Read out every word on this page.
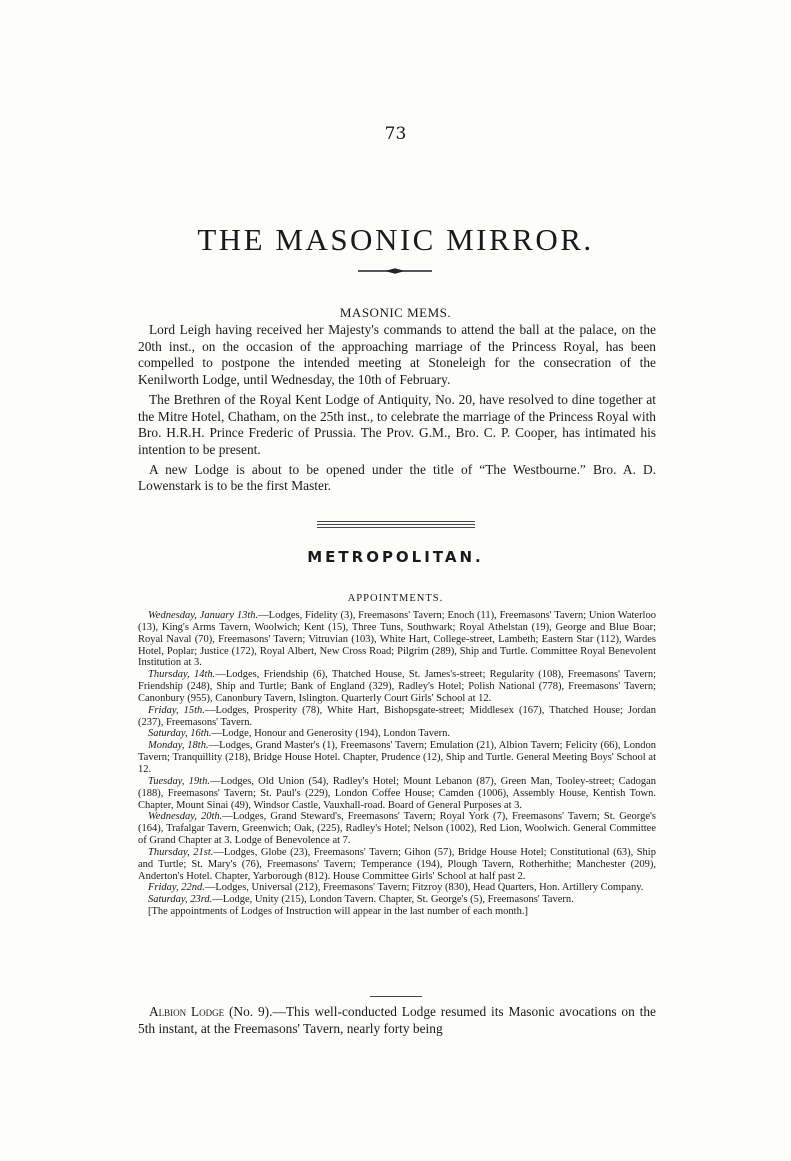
73
THE MASONIC MIRROR.
MASONIC MEMS.

Lord Leigh having received her Majesty's commands to attend the ball at the palace, on the 20th inst., on the occasion of the approaching marriage of the Princess Royal, has been compelled to postpone the intended meeting at Stoneleigh for the consecration of the Kenilworth Lodge, until Wednesday, the 10th of February.

The Brethren of the Royal Kent Lodge of Antiquity, No. 20, have resolved to dine together at the Mitre Hotel, Chatham, on the 25th inst., to celebrate the marriage of the Princess Royal with Bro. H.R.H. Prince Frederic of Prussia. The Prov. G.M., Bro. C. P. Cooper, has intimated his intention to be present.

A new Lodge is about to be opened under the title of “The Westbourne.” Bro. A. D. Lowenstark is to be the first Master.

METROPOLITAN.
APPOINTMENTS.

Wednesday, January 13th.—Lodges, Fidelity (3), Freemasons' Tavern; Enoch (11), Freemasons' Tavern; Union Waterloo (13), King's Arms Tavern, Woolwich; Kent (15), Three Tuns, Southwark; Royal Athelstan (19), George and Blue Boar; Royal Naval (70), Freemasons' Tavern; Vitruvian (103), White Hart, College-street, Lambeth; Eastern Star (112), Wardes Hotel, Poplar; Justice (172), Royal Albert, New Cross Road; Pilgrim (289), Ship and Turtle. Committee Royal Benevolent Institution at 3.

Thursday, 14th.—Lodges, Friendship (6), Thatched House, St. James's-street; Regularity (108), Freemasons' Tavern; Friendship (248), Ship and Turtle; Bank of England (329), Radley's Hotel; Polish National (778), Freemasons' Tavern; Canonbury (955), Canonbury Tavern, Islington. Quarterly Court Girls' School at 12.

Friday, 15th.—Lodges, Prosperity (78), White Hart, Bishopsgate-street; Middlesex (167), Thatched House; Jordan (237), Freemasons' Tavern.

Saturday, 16th.—Lodge, Honour and Generosity (194), London Tavern.

Monday, 18th.—Lodges, Grand Master's (1), Freemasons' Tavern; Emulation (21), Albion Tavern; Felicity (66), London Tavern; Tranquillity (218), Bridge House Hotel. Chapter, Prudence (12), Ship and Turtle. General Meeting Boys' School at 12.

Tuesday, 19th.—Lodges, Old Union (54), Radley's Hotel; Mount Lebanon (87), Green Man, Tooley-street; Cadogan (188), Freemasons' Tavern; St. Paul's (229), London Coffee House; Camden (1006), Assembly House, Kentish Town. Chapter, Mount Sinai (49), Windsor Castle, Vauxhall-road. Board of General Purposes at 3.

Wednesday, 20th.—Lodges, Grand Steward's, Freemasons' Tavern; Royal York (7), Freemasons' Tavern; St. George's (164), Trafalgar Tavern, Greenwich; Oak, (225), Radley's Hotel; Nelson (1002), Red Lion, Woolwich. General Committee of Grand Chapter at 3. Lodge of Benevolence at 7.

Thursday, 21st.—Lodges, Globe (23), Freemasons' Tavern; Gihon (57), Bridge House Hotel; Constitutional (63), Ship and Turtle; St. Mary's (76), Freemasons' Tavern; Temperance (194), Plough Tavern, Rotherhithe; Manchester (209), Anderton's Hotel. Chapter, Yarborough (812). House Committee Girls' School at half past 2.

Friday, 22nd.—Lodges, Universal (212), Freemasons' Tavern; Fitzroy (830), Head Quarters, Hon. Artillery Company.

Saturday, 23rd.—Lodge, Unity (215), London Tavern. Chapter, St. George's (5), Freemasons' Tavern.

[The appointments of Lodges of Instruction will appear in the last number of each month.]

Albion Lodge (No. 9).—This well-conducted Lodge resumed its Masonic avocations on the 5th instant, at the Freemasons' Tavern, nearly forty being
